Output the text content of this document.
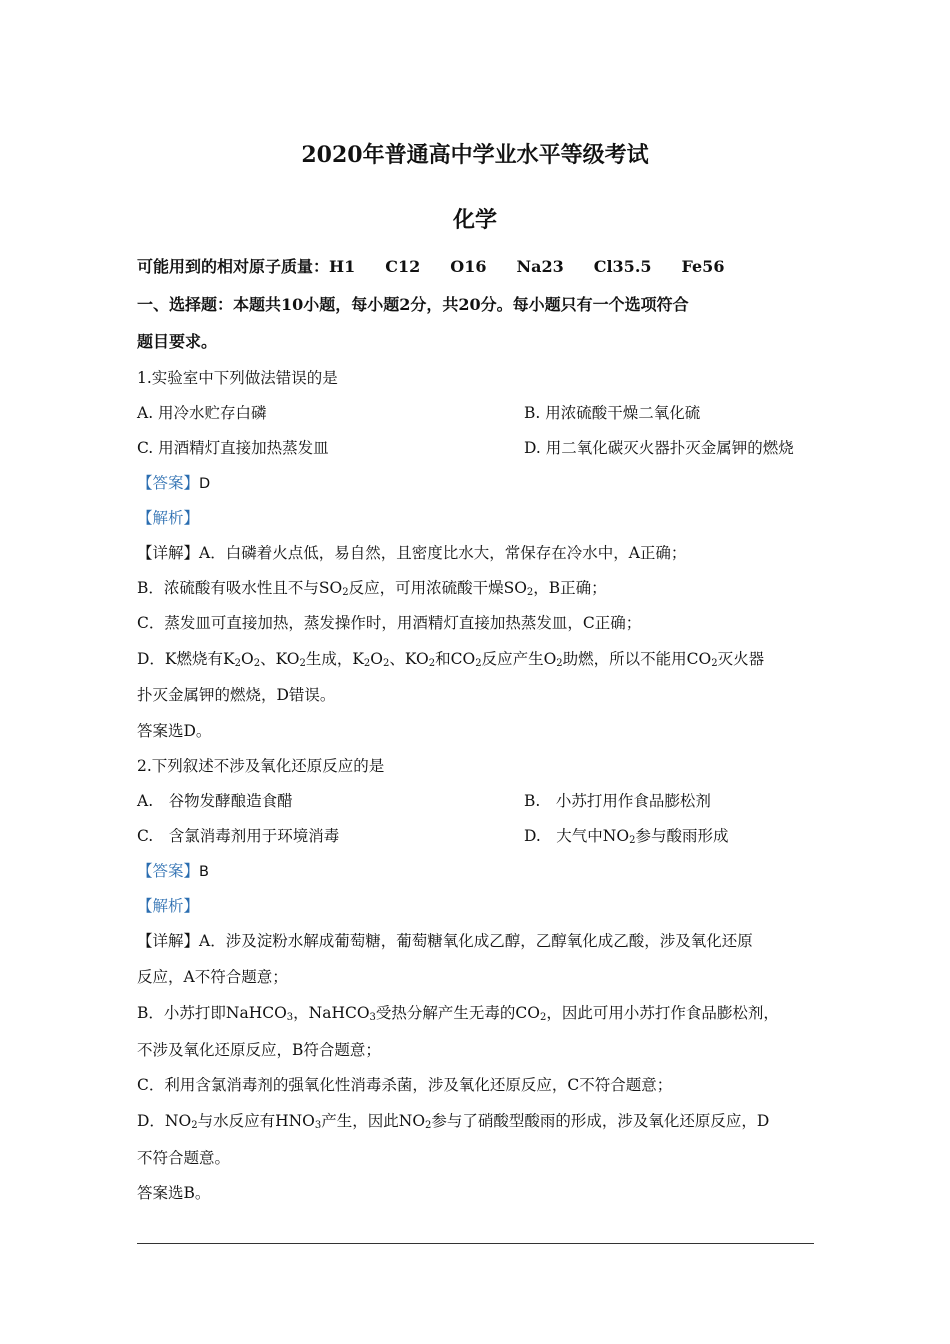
2020年普通高中学业水平等级考试
化学
可能用到的相对原子质量：H1 C12 O16 Na23 Cl35.5 Fe56
一、选择题：本题共10小题，每小题2分，共20分。每小题只有一个选项符合
题目要求。
1.实验室中下列做法错误的是
A. 用冷水贮存白磷	B. 用浓硫酸干燥二氧化硫
C. 用酒精灯直接加热蒸发皿	D. 用二氧化碳灭火器扑灭金属钾的燃烧
【答案】D
【解析】
【详解】A．白磷着火点低，易自然，且密度比水大，常保存在冷水中，A正确；
B．浓硫酸有吸水性且不与$SO_2$反应，可用浓硫酸干燥$SO_2$，B正确；
C．蒸发皿可直接加热，蒸发操作时，用酒精灯直接加热蒸发皿，C正确；
D．K燃烧有$K_2O_2$、$KO_2$生成，$K_2O_2$、$KO_2$和$CO_2$反应产生$O_2$助燃，所以不能用$CO_2$灭火器
扑灭金属钾的燃烧，D错误。
答案选D。
2.下列叙述不涉及氧化还原反应的是
A.　谷物发酵酿造食醋	B.　小苏打用作食品膨松剂
C.　含氯消毒剂用于环境消毒	D.　大气中$NO_2$参与酸雨形成
【答案】B
【解析】
【详解】A．涉及淀粉水解成葡萄糖，葡萄糖氧化成乙醇，乙醇氧化成乙酸，涉及氧化还原
反应，A不符合题意；
B．小苏打即NaHCO$_3$，NaHCO$_3$受热分解产生无毒的$CO_2$，因此可用小苏打作食品膨松剂，
不涉及氧化还原反应，B符合题意；
C．利用含氯消毒剂的强氧化性消毒杀菌，涉及氧化还原反应，C不符合题意；
D．$NO_2$与水反应有$HNO_3$产生，因此$NO_2$参与了硝酸型酸雨的形成，涉及氧化还原反应，D
不符合题意。
答案选B。
